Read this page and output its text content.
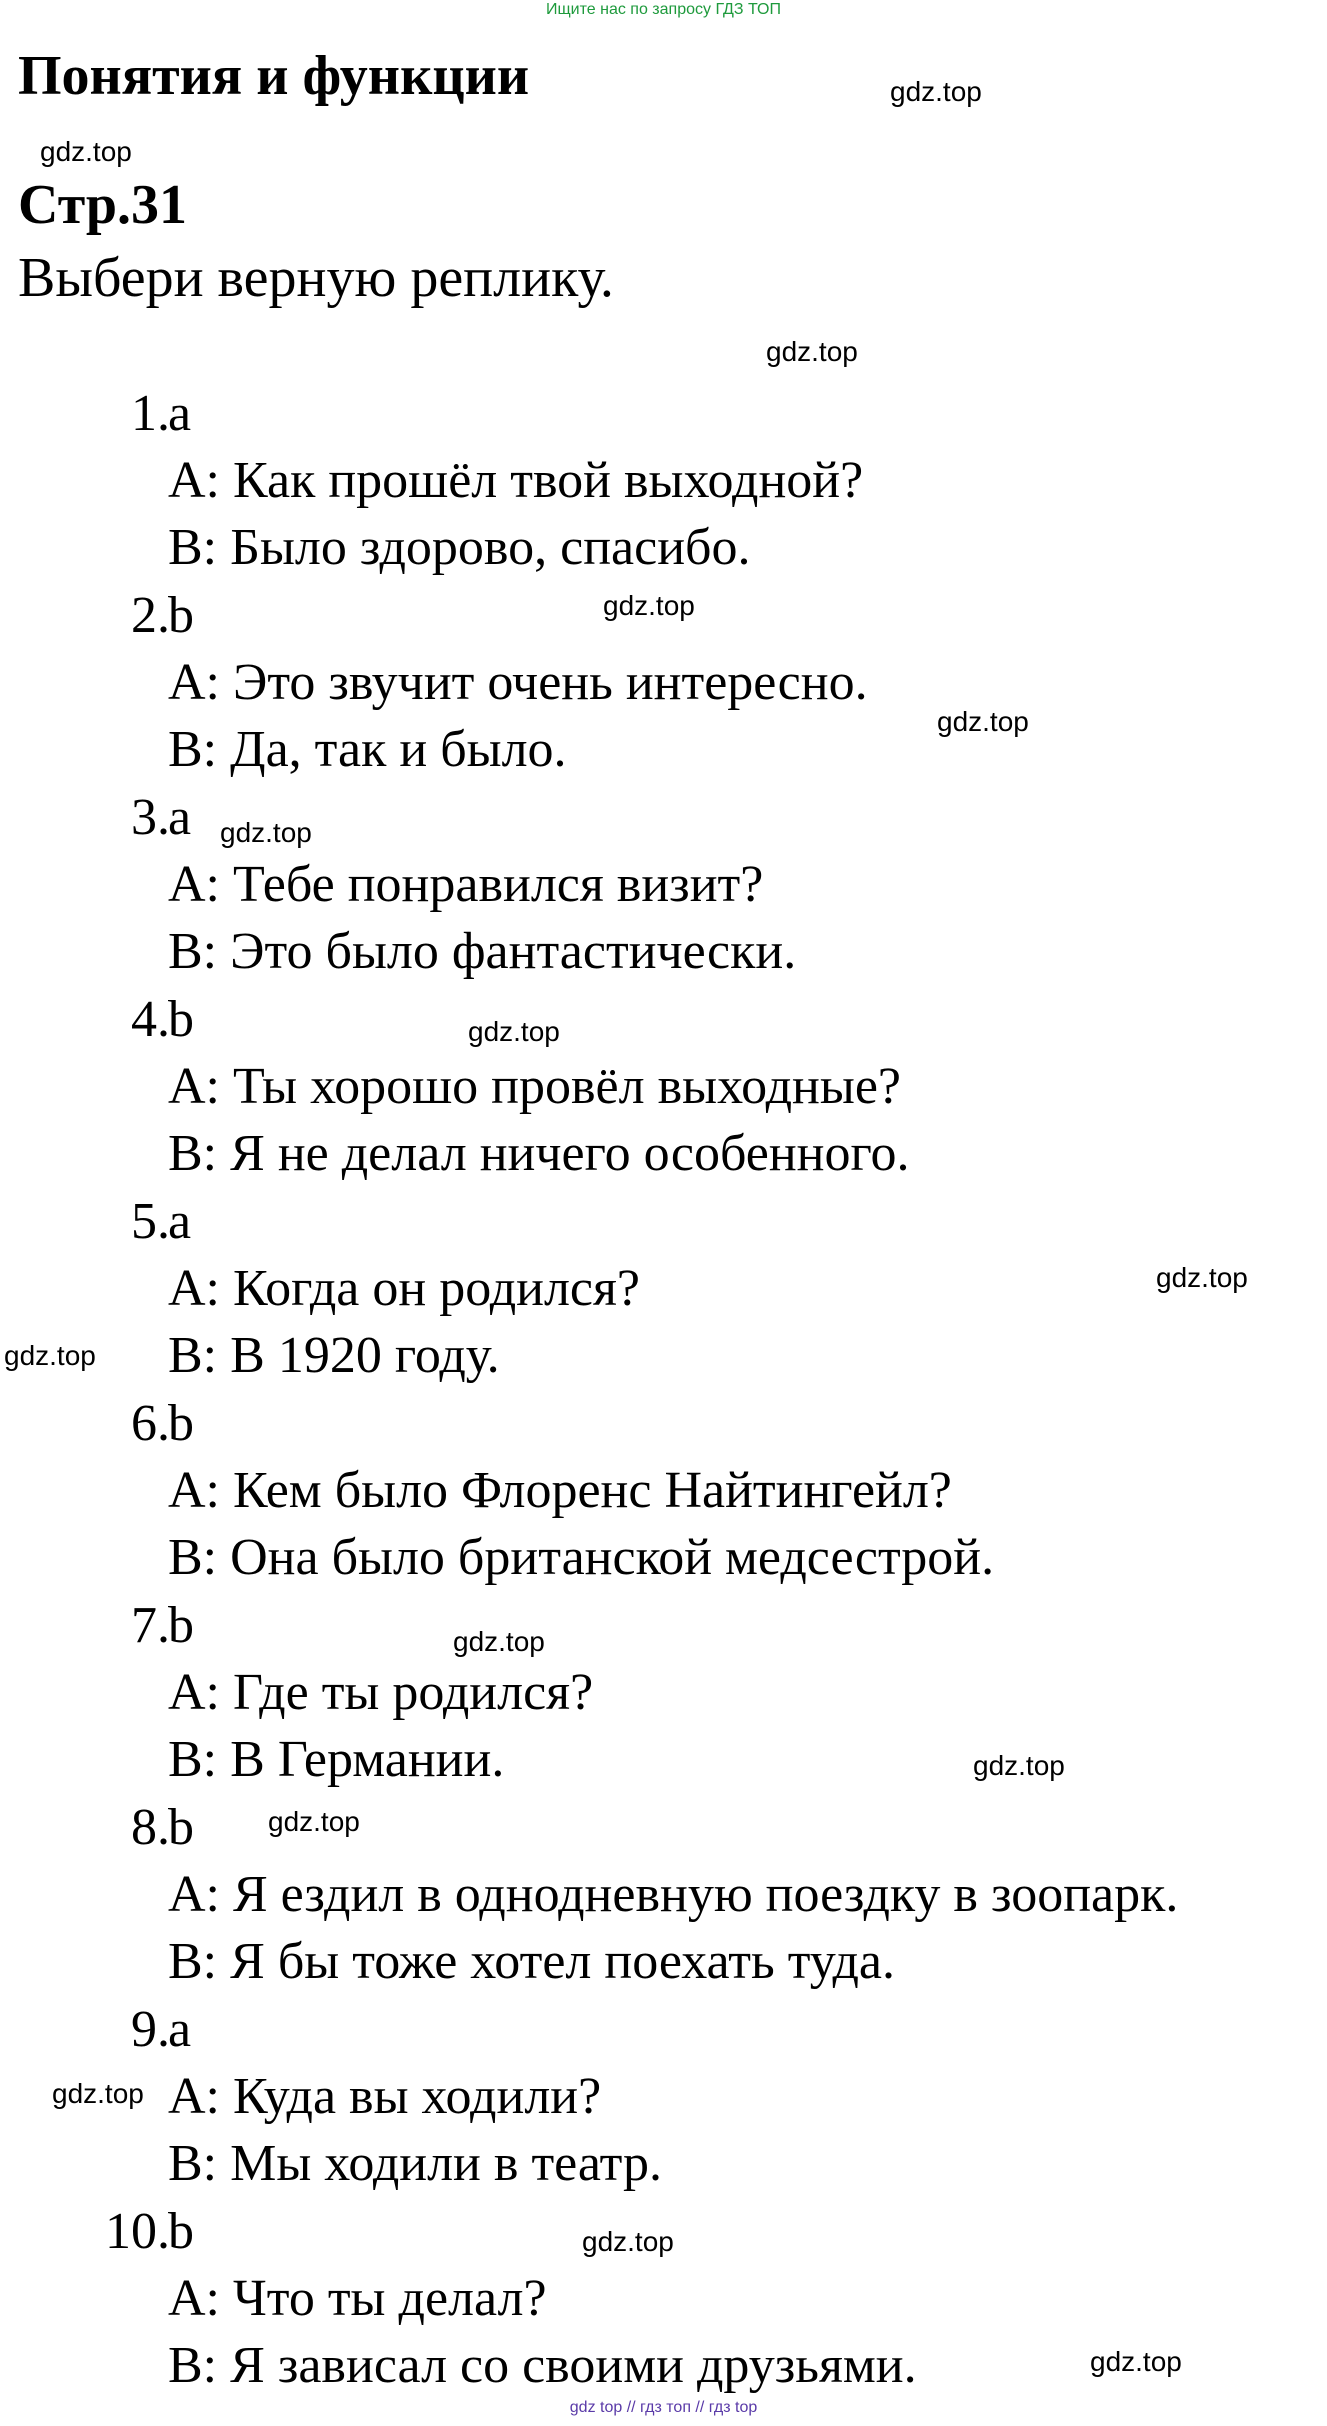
Ищите нас по запросу ГДЗ ТОП
Понятия и функции
Стр.31

Выбери верную реплику.

1.
a
A: Как прошёл твой выходной?
B: Было здорово, спасибо.
2.
b
A: Это звучит очень интересно.
B: Да, так и было.
3.
a
A: Тебе понравился визит?
B: Это было фантастически.
4.
b
A: Ты хорошо провёл выходные?
B: Я не делал ничего особенного.
5.
a
A: Когда он родился?
B: В 1920 году.
6.
b
A: Кем было Флоренс Найтингейл?
B: Она было британской медсестрой.
7.
b
A: Где ты родился?
B: В Германии.
8.
b
A: Я ездил в однодневную поездку в зоопарк.
B: Я бы тоже хотел поехать туда.
9.
a
A: Куда вы ходили?
B: Мы ходили в театр.
10.
b
A: Что ты делал?
B: Я зависал со своими друзьями.
gdz.top
gdz.top
gdz.top
gdz.top
gdz.top
gdz.top
gdz.top
gdz.top
gdz.top
gdz.top
gdz.top
gdz.top
gdz.top
gdz.top
gdz.top
gdz top // гдз топ // гдз top
